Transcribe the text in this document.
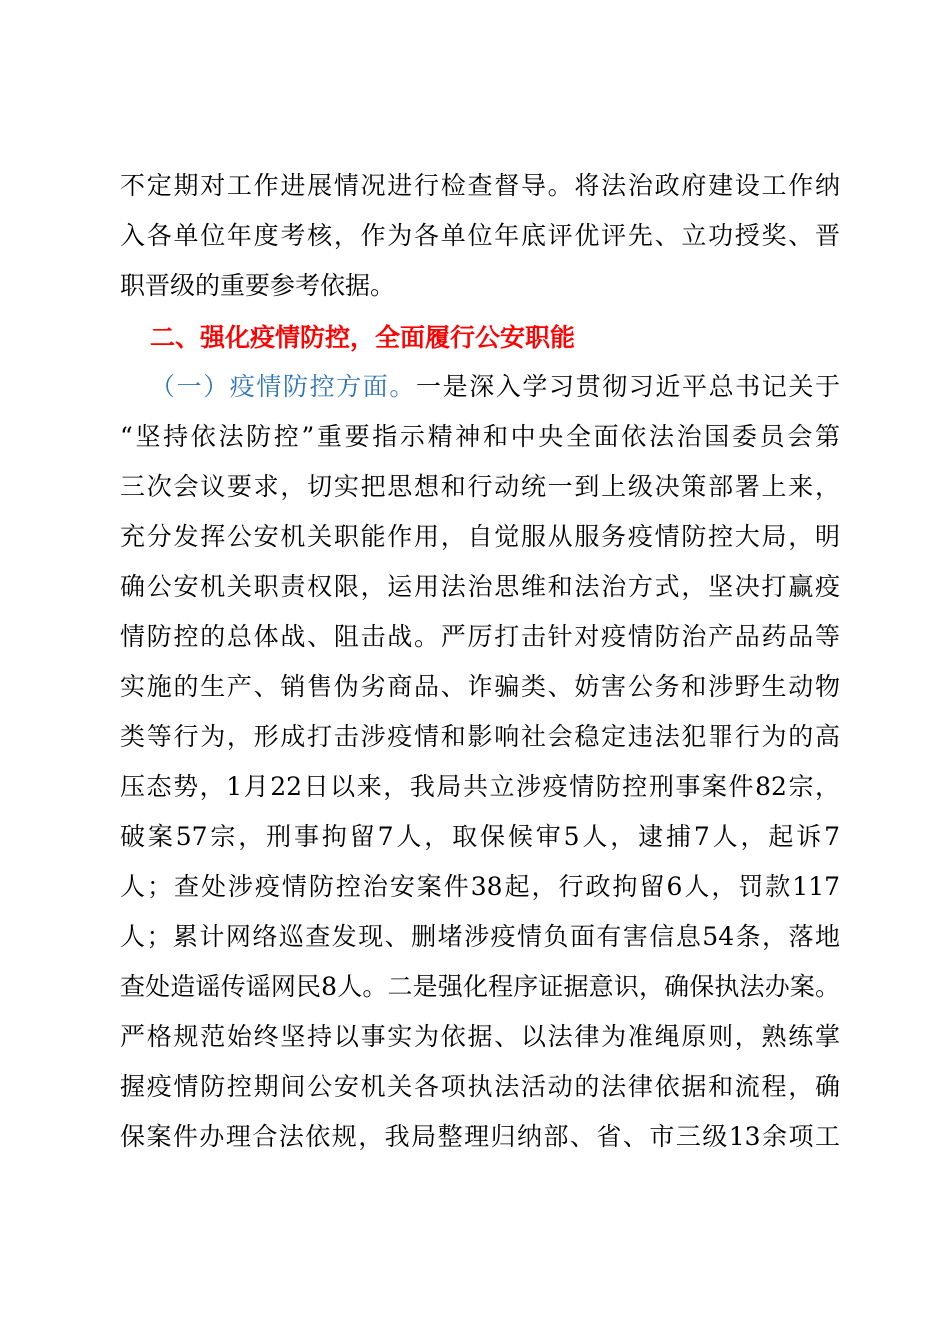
不定期对工作进展情况进行检查督导。将法治政府建设工作纳
入各单位年度考核，作为各单位年底评优评先、立功授奖、晋
职晋级的重要参考依据。
二、强化疫情防控，全面履行公安职能
（一）疫情防控方面。一是深入学习贯彻习近平总书记关于
“坚持依法防控”重要指示精神和中央全面依法治国委员会第
三次会议要求，切实把思想和行动统一到上级决策部署上来，
充分发挥公安机关职能作用，自觉服从服务疫情防控大局，明
确公安机关职责权限，运用法治思维和法治方式，坚决打赢疫
情防控的总体战、阻击战。严厉打击针对疫情防治产品药品等
实施的生产、销售伪劣商品、诈骗类、妨害公务和涉野生动物
类等行为，形成打击涉疫情和影响社会稳定违法犯罪行为的高
压态势，1月22日以来，我局共立涉疫情防控刑事案件82宗，
破案57宗，刑事拘留7人，取保候审5人，逮捕7人，起诉7
人；查处涉疫情防控治安案件38起，行政拘留6人，罚款117
人；累计网络巡查发现、删堵涉疫情负面有害信息54条，落地
查处造谣传谣网民8人。二是强化程序证据意识，确保执法办案。
严格规范始终坚持以事实为依据、以法律为准绳原则，熟练掌
握疫情防控期间公安机关各项执法活动的法律依据和流程，确
保案件办理合法依规，我局整理归纳部、省、市三级13余项工
